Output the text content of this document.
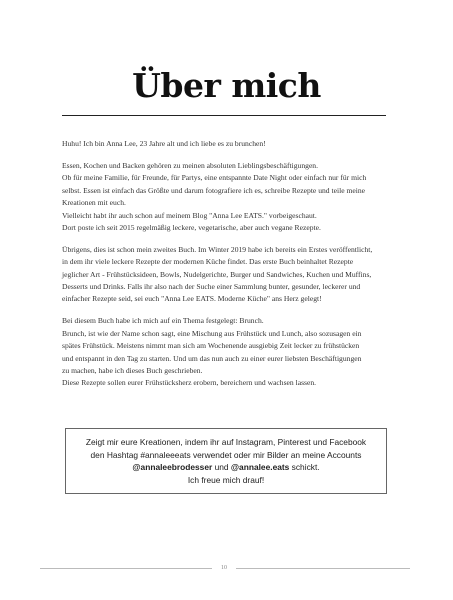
Über mich

Huhu! Ich bin Anna Lee, 23 Jahre alt und ich liebe es zu brunchen!

Essen, Kochen und Backen gehören zu meinen absoluten Lieblingsbeschäftigungen.
Ob für meine Familie, für Freunde, für Partys, eine entspannte Date Night oder einfach nur für mich
selbst. Essen ist einfach das Größte und darum fotografiere ich es, schreibe Rezepte und teile meine
Kreationen mit euch.
Vielleicht habt ihr auch schon auf meinem Blog "Anna Lee EATS." vorbeigeschaut.
Dort poste ich seit 2015 regelmäßig leckere, vegetarische, aber auch vegane Rezepte.

Übrigens, dies ist schon mein zweites Buch. Im Winter 2019 habe ich bereits ein Erstes veröffentlicht,
in dem ihr viele leckere Rezepte der modernen Küche findet. Das erste Buch beinhaltet Rezepte
jeglicher Art - Frühstücksideen, Bowls, Nudelgerichte, Burger und Sandwiches, Kuchen und Muffins,
Desserts und Drinks. Falls ihr also nach der Suche einer Sammlung bunter, gesunder, leckerer und
einfacher Rezepte seid, sei euch "Anna Lee EATS. Moderne Küche" ans Herz gelegt!

Bei diesem Buch habe ich mich auf ein Thema festgelegt: Brunch.
Brunch, ist wie der Name schon sagt, eine Mischung aus Frühstück und Lunch, also sozusagen ein
spätes Frühstück. Meistens nimmt man sich am Wochenende ausgiebig Zeit lecker zu frühstücken
und entspannt in den Tag zu starten. Und um das nun auch zu einer eurer liebsten Beschäftigungen
zu machen, habe ich dieses Buch geschrieben.
Diese Rezepte sollen eurer Frühstücksherz erobern, bereichern und wachsen lassen.

Zeigt mir eure Kreationen, indem ihr auf Instagram, Pinterest und Facebook
den Hashtag #annaleeeats verwendet oder mir Bilder an meine Accounts
@annaleebrodesser und @annalee.eats schickt.
Ich freue mich drauf!
10
